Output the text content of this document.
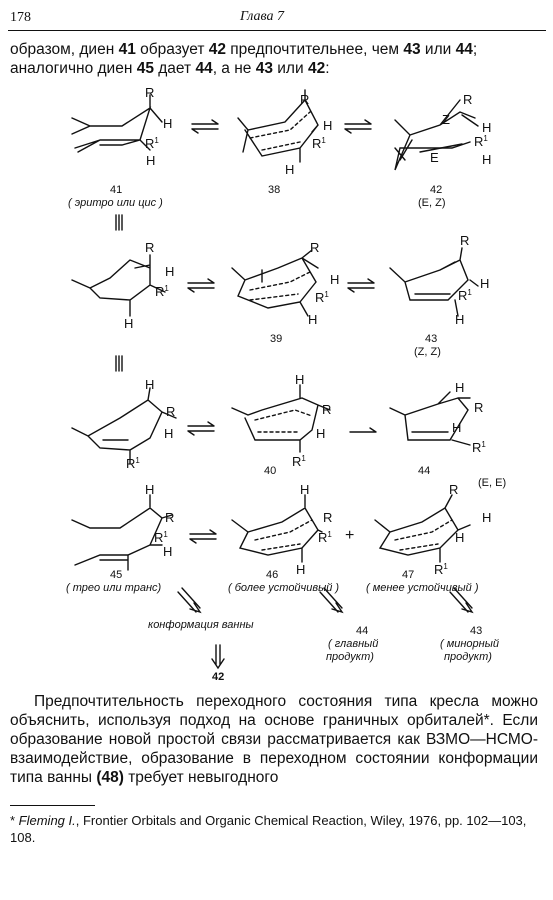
178	Глава 7

образом, диен 41 образует 42 предпочтительнее, чем 43 или 44;

аналогично диен 45 дает 44, а не 43 или 42:

R
H
$R^1$
H
R
H
$R^1$
H
R
Z
H
$R^1$
E	H
R
H
$R^1$
H
R
H
$R^1$
H
R
H
$R^1$
H
H
R
H
$R^1$
H
R
H
$R^1$
H
R
H
$R^1$
H
R
$R^1$
H
H
R
$R^1$
H
R
H
H
$R^1$
+
41
( эритро или цис )
38	42
(E, Z)
39	43
(Z, Z)
40	44
(E, E)
45
( трео или транс)
46
( более устойчивый )
47
( менее устойчивый )
конформация ванны
42
44
( главный
продукт)
43
( минорный
продукт)

Предпочтительность переходного состояния типа кресла можно объяснить, используя подход на основе граничных орбиталей*. Если образование новой простой связи рассматривается как ВЗМО—НСМО-взаимодействие, образование в переходном состоянии конформации типа ванны (48) требует невыгодного

* Fleming I., Frontier Orbitals and Organic Chemical Reaction, Wiley, 1976, pp. 102—103, 108.
